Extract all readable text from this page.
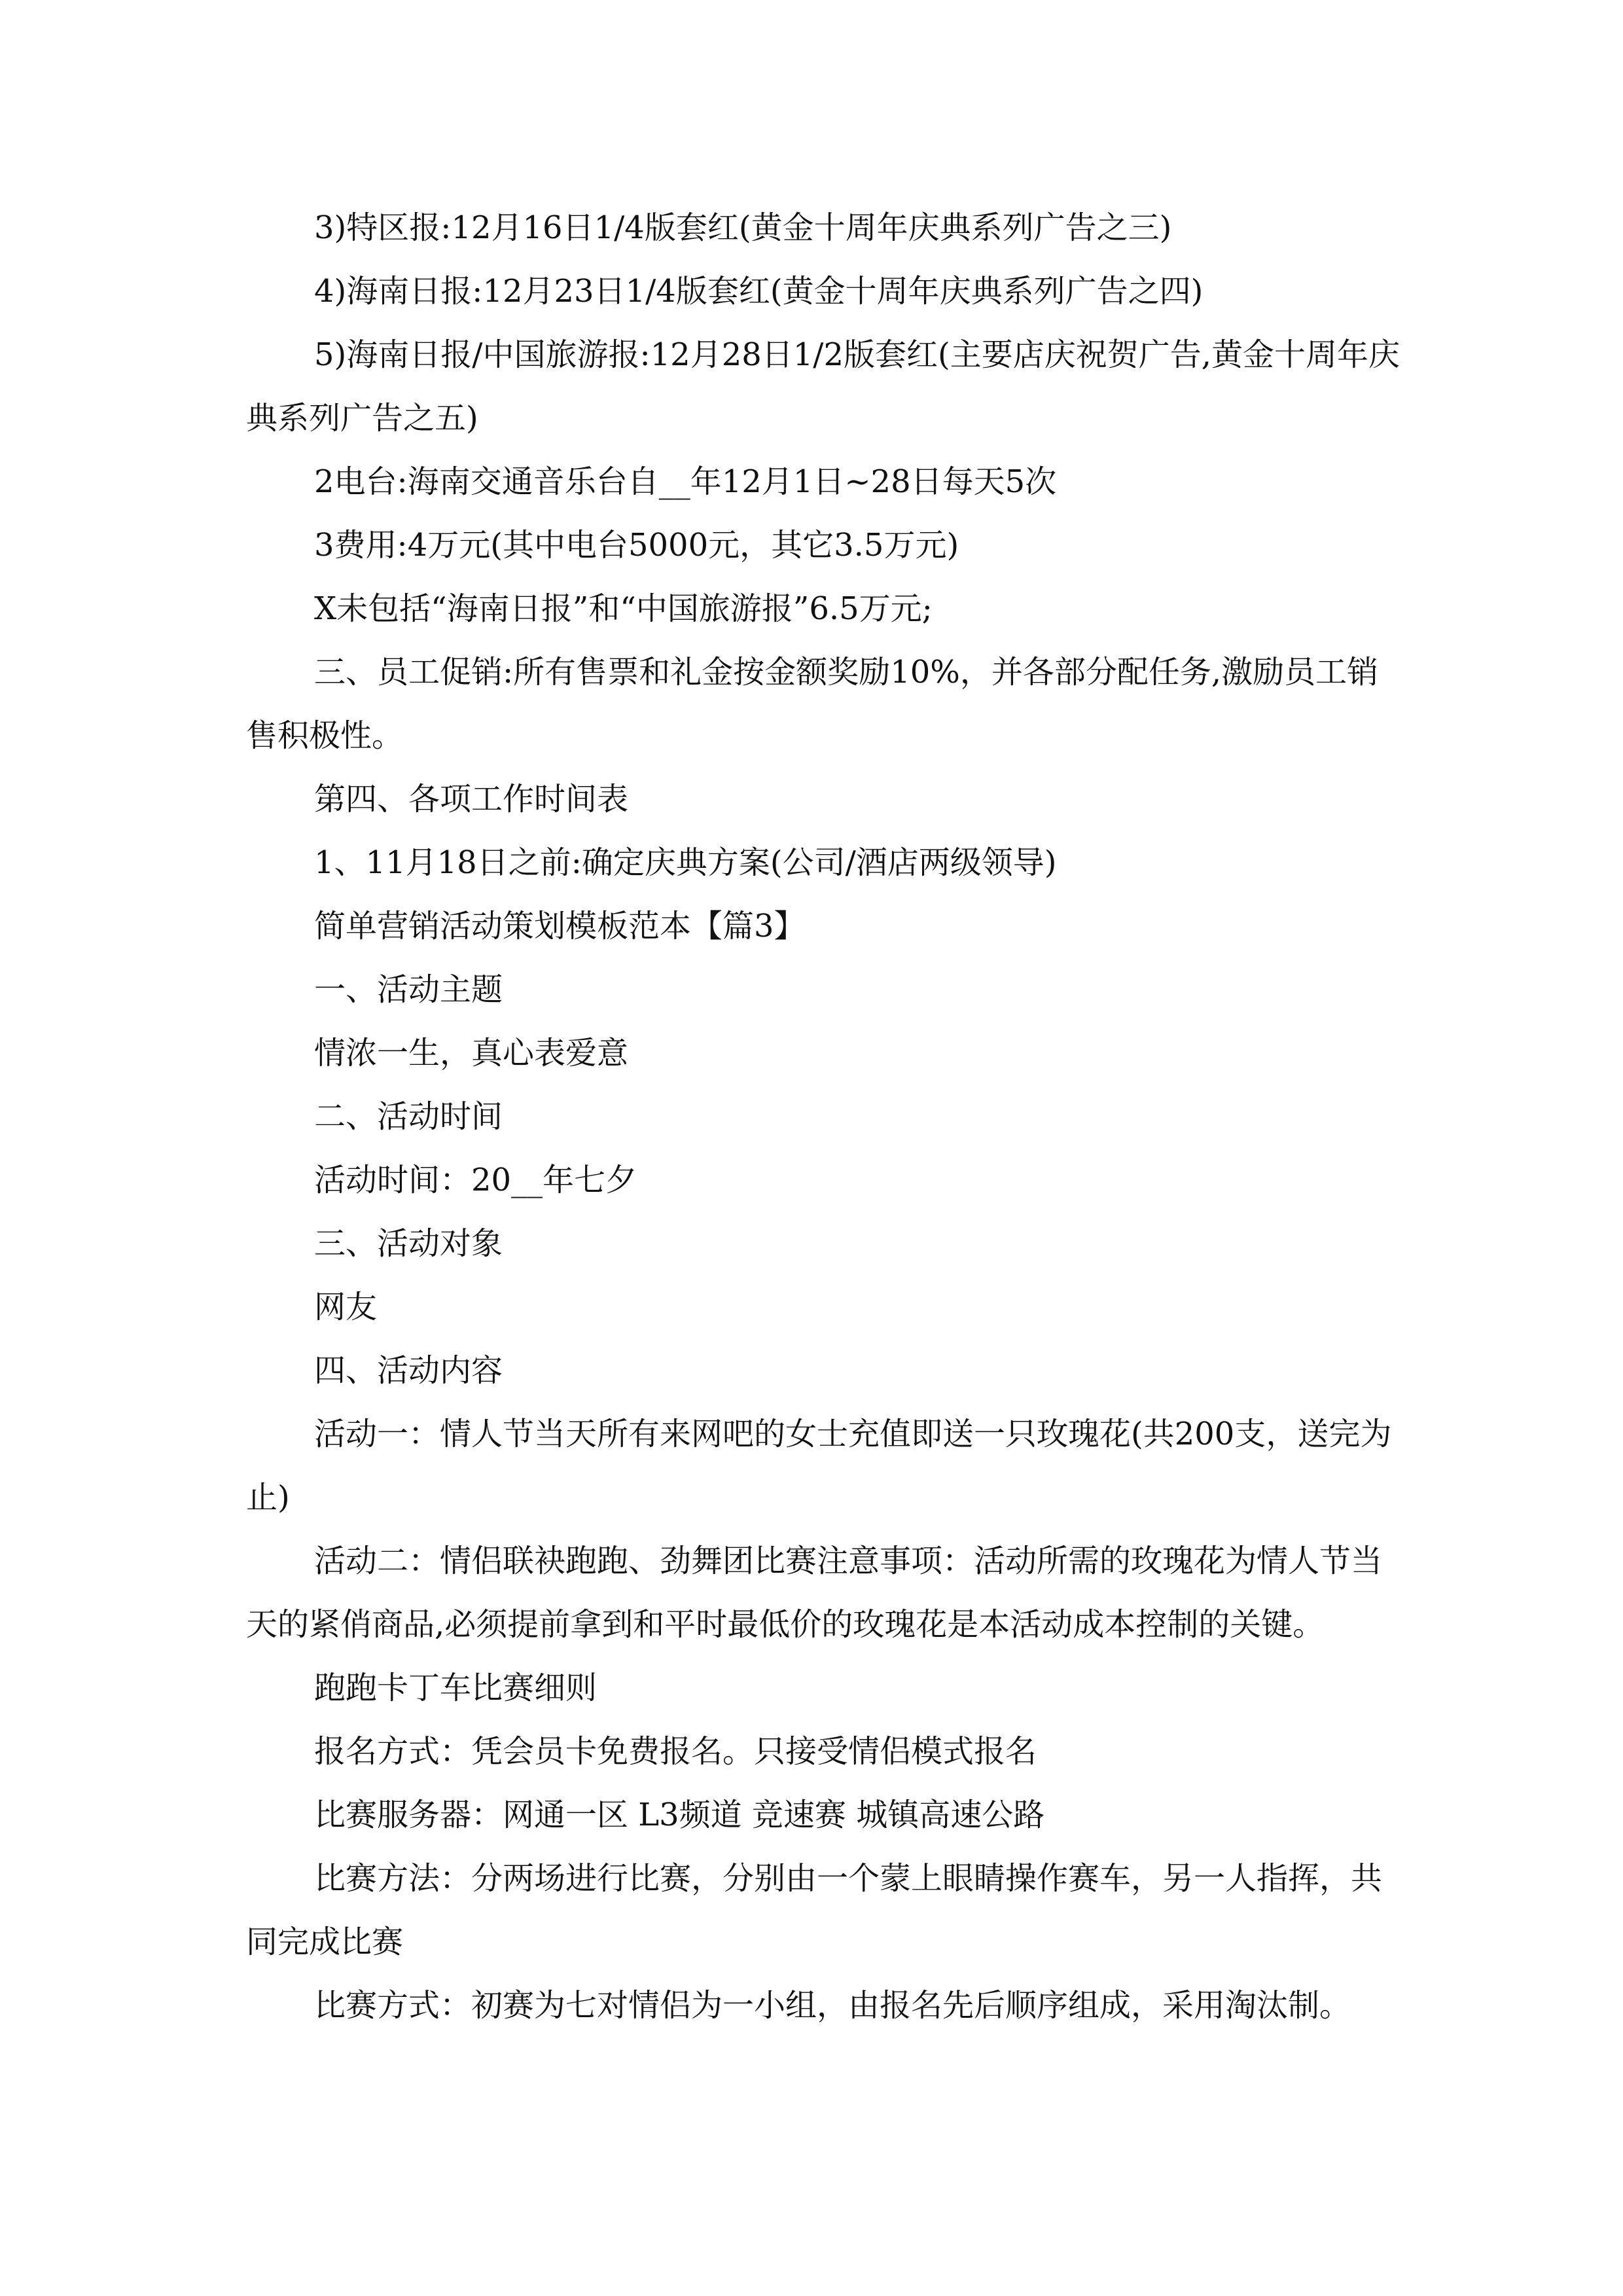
3)特区报:12月16日1/4版套红(黄金十周年庆典系列广告之三)

4)海南日报:12月23日1/4版套红(黄金十周年庆典系列广告之四)

5)海南日报/中国旅游报:12月28日1/2版套红(主要店庆祝贺广告,黄金十周年庆典系列广告之五)

2电台:海南交通音乐台自__年12月1日~28日每天5次

3费用:4万元(其中电台5000元，其它3.5万元)

X未包括“海南日报”和“中国旅游报”6.5万元;

三、员工促销:所有售票和礼金按金额奖励10%，并各部分配任务,激励员工销售积极性。

第四、各项工作时间表

1、11月18日之前:确定庆典方案(公司/酒店两级领导)

简单营销活动策划模板范本【篇3】

一、活动主题

情浓一生，真心表爱意

二、活动时间

活动时间：20__年七夕

三、活动对象

网友

四、活动内容

活动一：情人节当天所有来网吧的女士充值即送一只玫瑰花(共200支，送完为止)

活动二：情侣联袂跑跑、劲舞团比赛注意事项：活动所需的玫瑰花为情人节当天的紧俏商品,必须提前拿到和平时最低价的玫瑰花是本活动成本控制的关键。

跑跑卡丁车比赛细则

报名方式：凭会员卡免费报名。只接受情侣模式报名

比赛服务器：网通一区 L3频道 竞速赛 城镇高速公路

比赛方法：分两场进行比赛，分别由一个蒙上眼睛操作赛车，另一人指挥，共同完成比赛

比赛方式：初赛为七对情侣为一小组，由报名先后顺序组成，采用淘汰制。
